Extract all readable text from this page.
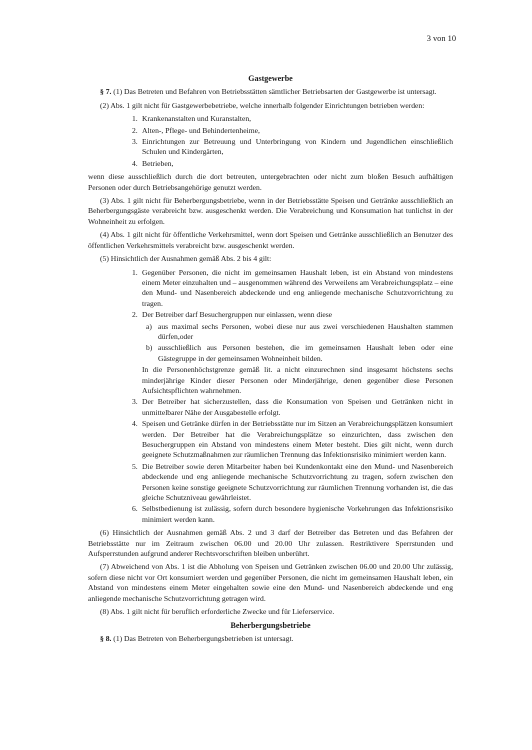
3 von 10

Gastgewerbe

§ 7. (1) Das Betreten und Befahren von Betriebsstätten sämtlicher Betriebsarten der Gastgewerbe ist untersagt.

(2) Abs. 1 gilt nicht für Gastgewerbebetriebe, welche innerhalb folgender Einrichtungen betrieben werden:

1. Krankenanstalten und Kuranstalten,
2. Alten-, Pflege- und Behindertenheime,
3. Einrichtungen zur Betreuung und Unterbringung von Kindern und Jugendlichen einschließlich Schulen und Kindergärten,
4. Betrieben,

wenn diese ausschließlich durch die dort betreuten, untergebrachten oder nicht zum bloßen Besuch aufhältigen Personen oder durch Betriebsangehörige genutzt werden.

(3) Abs. 1 gilt nicht für Beherbergungsbetriebe, wenn in der Betriebsstätte Speisen und Getränke ausschließlich an Beherbergungsgäste verabreicht bzw. ausgeschenkt werden. Die Verabreichung und Konsumation hat tunlichst in der Wohneinheit zu erfolgen.

(4) Abs. 1 gilt nicht für öffentliche Verkehrsmittel, wenn dort Speisen und Getränke ausschließlich an Benutzer des öffentlichen Verkehrsmittels verabreicht bzw. ausgeschenkt werden.

(5) Hinsichtlich der Ausnahmen gemäß Abs. 2 bis 4 gilt:

1. Gegenüber Personen, die nicht im gemeinsamen Haushalt leben, ist ein Abstand von mindestens einem Meter einzuhalten und – ausgenommen während des Verweilens am Verabreichungsplatz – eine den Mund- und Nasenbereich abdeckende und eng anliegende mechanische Schutzvorrichtung zu tragen.
2. Der Betreiber darf Besuchergruppen nur einlassen, wenn diese
a) aus maximal sechs Personen, wobei diese nur aus zwei verschiedenen Haushalten stammen dürfen,oder
b) ausschließlich aus Personen bestehen, die im gemeinsamen Haushalt leben oder eine Gästegruppe in der gemeinsamen Wohneinheit bilden.
In die Personenhöchstgrenze gemäß lit. a nicht einzurechnen sind insgesamt höchstens sechs minderjährige Kinder dieser Personen oder Minderjährige, denen gegenüber diese Personen Aufsichtspflichten wahrnehmen.
3. Der Betreiber hat sicherzustellen, dass die Konsumation von Speisen und Getränken nicht in unmittelbarer Nähe der Ausgabestelle erfolgt.
4. Speisen und Getränke dürfen in der Betriebsstätte nur im Sitzen an Verabreichungsplätzen konsumiert werden. Der Betreiber hat die Verabreichungsplätze so einzurichten, dass zwischen den Besuchergruppen ein Abstand von mindestens einem Meter besteht. Dies gilt nicht, wenn durch geeignete Schutzmaßnahmen zur räumlichen Trennung das Infektionsrisiko minimiert werden kann.
5. Die Betreiber sowie deren Mitarbeiter haben bei Kundenkontakt eine den Mund- und Nasenbereich abdeckende und eng anliegende mechanische Schutzvorrichtung zu tragen, sofern zwischen den Personen keine sonstige geeignete Schutzvorrichtung zur räumlichen Trennung vorhanden ist, die das gleiche Schutzniveau gewährleistet.
6. Selbstbedienung ist zulässig, sofern durch besondere hygienische Vorkehrungen das Infektionsrisiko minimiert werden kann.

(6) Hinsichtlich der Ausnahmen gemäß Abs. 2 und 3 darf der Betreiber das Betreten und das Befahren der Betriebsstätte nur im Zeitraum zwischen 06.00 und 20.00 Uhr zulassen. Restriktivere Sperrstunden und Aufsperrstunden aufgrund anderer Rechtsvorschriften bleiben unberührt.

(7) Abweichend von Abs. 1 ist die Abholung von Speisen und Getränken zwischen 06.00 und 20.00 Uhr zulässig, sofern diese nicht vor Ort konsumiert werden und gegenüber Personen, die nicht im gemeinsamen Haushalt leben, ein Abstand von mindestens einem Meter eingehalten sowie eine den Mund- und Nasenbereich abdeckende und eng anliegende mechanische Schutzvorrichtung getragen wird.

(8) Abs. 1 gilt nicht für beruflich erforderliche Zwecke und für Lieferservice.

Beherbergungsbetriebe

§ 8. (1) Das Betreten von Beherbergungsbetrieben ist untersagt.
